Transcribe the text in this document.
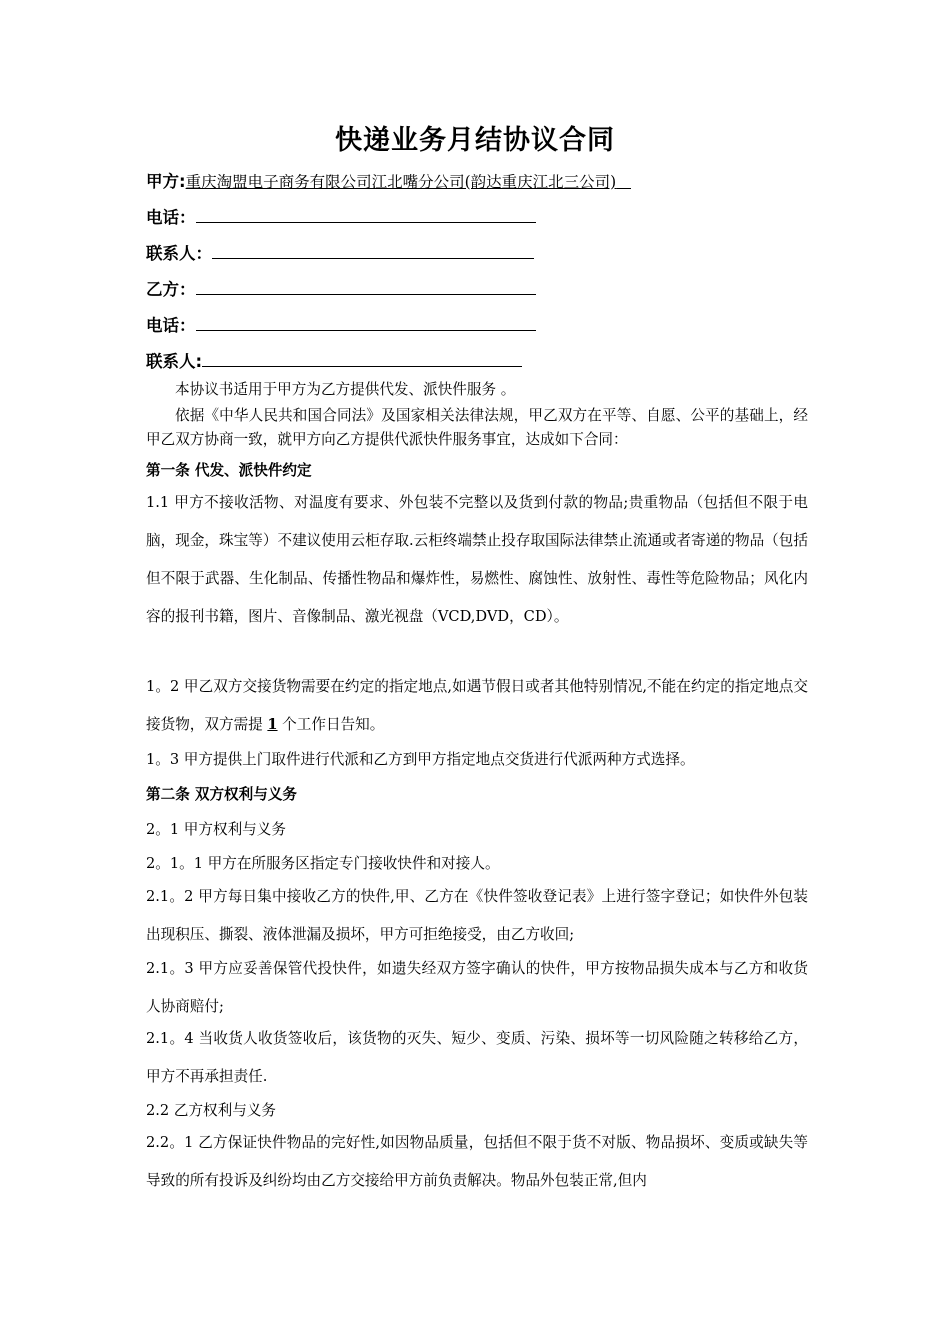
快递业务月结协议合同
甲方:重庆淘盟电子商务有限公司江北嘴分公司(韵达重庆江北三公司)
电话：
联系人：
乙方：
电话：
联系人:
本协议书适用于甲方为乙方提供代发、派快件服务 。
依据《中华人民共和国合同法》及国家相关法律法规，甲乙双方在平等、自愿、公平的基础上，经甲乙双方协商一致，就甲方向乙方提供代派快件服务事宜，达成如下合同：
第一条 代发、派快件约定
1.1 甲方不接收活物、对温度有要求、外包装不完整以及货到付款的物品;贵重物品（包括但不限于电脑，现金，珠宝等）不建议使用云柜存取.云柜终端禁止投存取国际法律禁止流通或者寄递的物品（包括但不限于武器、生化制品、传播性物品和爆炸性，易燃性、腐蚀性、放射性、毒性等危险物品；风化内容的报刊书籍，图片、音像制品、激光视盘（VCD,DVD，CD）。
1。2 甲乙双方交接货物需要在约定的指定地点,如遇节假日或者其他特别情况,不能在约定的指定地点交接货物，双方需提 1 个工作日告知。
1。3 甲方提供上门取件进行代派和乙方到甲方指定地点交货进行代派两种方式选择。
第二条 双方权利与义务
2。1 甲方权利与义务
2。1。1 甲方在所服务区指定专门接收快件和对接人。
2.1。2 甲方每日集中接收乙方的快件,甲、乙方在《快件签收登记表》上进行签字登记；如快件外包装出现积压、撕裂、液体泄漏及损坏，甲方可拒绝接受，由乙方收回;
2.1。3 甲方应妥善保管代投快件，如遗失经双方签字确认的快件，甲方按物品损失成本与乙方和收货人协商赔付;
2.1。4 当收货人收货签收后，该货物的灭失、短少、变质、污染、损坏等一切风险随之转移给乙方，甲方不再承担责任.
2.2 乙方权利与义务
2.2。1 乙方保证快件物品的完好性,如因物品质量，包括但不限于货不对版、物品损坏、变质或缺失等导致的所有投诉及纠纷均由乙方交接给甲方前负责解决。物品外包装正常,但内
